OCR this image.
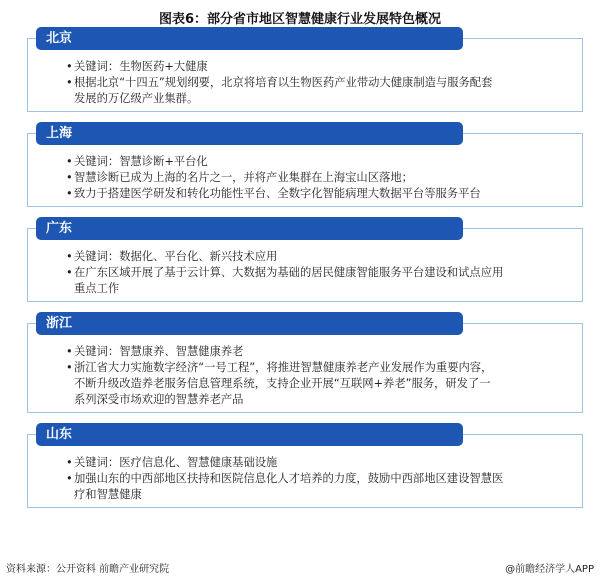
图表6：部分省市地区智慧健康行业发展特色概况
北京
• 关键词：生物医药+大健康
• 根据北京“十四五”规划纲要，北京将培育以生物医药产业带动大健康制造与服务配套
发展的万亿级产业集群。
上海
• 关键词：智慧诊断+平台化
• 智慧诊断已成为上海的名片之一，并将产业集群在上海宝山区落地；
• 致力于搭建医学研发和转化功能性平台、全数字化智能病理大数据平台等服务平台
广东
• 关键词：数据化、平台化、新兴技术应用
• 在广东区域开展了基于云计算、大数据为基础的居民健康智能服务平台建设和试点应用
重点工作
浙江
• 关键词：智慧康养、智慧健康养老
• 浙江省大力实施数字经济“一号工程”，将推进智慧健康养老产业发展作为重要内容，
不断升级改造养老服务信息管理系统，支持企业开展“互联网+养老”服务，研发了一
系列深受市场欢迎的智慧养老产品
山东
• 关键词：医疗信息化、智慧健康基础设施
• 加强山东的中西部地区扶持和医院信息化人才培养的力度，鼓励中西部地区建设智慧医
疗和智慧健康
资料来源：公开资料 前瞻产业研究院	@前瞻经济学人APP
